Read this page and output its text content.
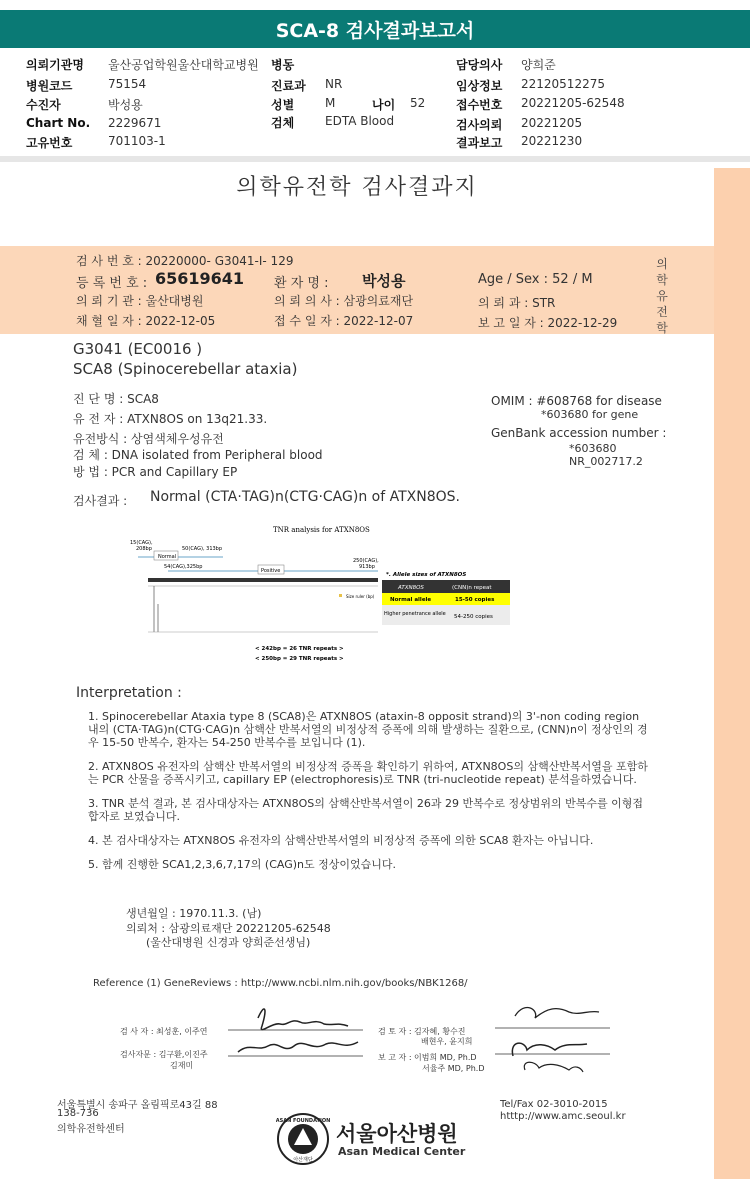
SCA-8 검사결과보고서
의뢰기관명 울산공업학원울산대학교병원
병원코드	75154
수진자	박성용
Chart No. 2229671
고유번호	701103-1
병동
진료과 NR
성별	M	나이 52
검체	EDTA Blood
담당의사 양희준
임상정보 22120512275
접수번호 20221205-62548
검사의뢰 20221205
결과보고 20221230
의학유전학 검사결과지
검 사 번 호 : 20220000- G3041-I- 129
등 록 번 호 : 65619641 환 자 명 : 박성용	Age / Sex : 52 / M
의 뢰 기 관 : 울산대병원	의 뢰 의 사 : 삼광의료재단	의 뢰 과 : STR
채 혈 일 자 : 2022-12-05	접 수 일 자 : 2022-12-07	보 고 일 자 : 2022-12-29
의
학
유
전
학
G3041 (EC0016 )
SCA8 (Spinocerebellar ataxia)
진 단 명 : SCA8
유 전 자 : ATXN8OS on 13q21.33.
유전방식 : 상염색체우성유전
검 체 : DNA isolated from Peripheral blood
방 법 : PCR and Capillary EP
OMIM : #608768 for disease
*603680 for gene
GenBank accession number :
*603680
NR_002717.2
검사결과 : Normal (CTA·TAG)n(CTG·CAG)n of ATXN8OS.
TNR analysis for ATXN8OS
15(CAG),
208bp	50(CAG), 313bp
Normal
54(CAG),325bp
Positive
250(CAG),
913bp
Size ruler (bp)
< 242bp = 26 TNR repeats >
< 250bp = 29 TNR repeats >
*. Allele sizes of ATXN8OS
ATXN8OS	(CNN)n repeat
Normal allele	15-50 copies
Higher penetrance allele 54-250 copies
Interpretation :

1. Spinocerebellar Ataxia type 8 (SCA8)은 ATXN8OS (ataxin-8 opposit strand)의 3'-non coding region 내의 (CTA·TAG)n(CTG·CAG)n 삼핵산 반복서열의 비정상적 증폭에 의해 발생하는 질환으로, (CNN)n이 정상인의 경우 15-50 반복수, 환자는 54-250 반복수를 보입니다 (1).

2. ATXN8OS 유전자의 삼핵산 반복서열의 비정상적 증폭을 확인하기 위하여, ATXN8OS의 삼핵산반복서열을 포함하는 PCR 산물을 증폭시키고, capillary EP (electrophoresis)로 TNR (tri-nucleotide repeat) 분석을하였습니다.

3. TNR 분석 결과, 본 검사대상자는 ATXN8OS의 삼핵산반복서열이 26과 29 반복수로 정상범위의 반복수를 이형접합자로 보였습니다.

4. 본 검사대상자는 ATXN8OS 유전자의 삼핵산반복서열의 비정상적 증폭에 의한 SCA8 환자는 아닙니다.

5. 함께 진행한 SCA1,2,3,6,7,17의 (CAG)n도 정상이었습니다.

생년월일 : 1970.11.3. (남)
의뢰처 : 삼광의료재단 20221205-62548
(울산대병원 신경과 양희준선생님)
Reference (1) GeneReviews : http://www.ncbi.nlm.nih.gov/books/NBK1268/
검 사 자 : 최성훈, 이주연
검사자문 : 김구환,이진주
김재미
검 토 자 : 김자혜, 황수진
배현우, 윤지희
보 고 자 : 이범희 MD, Ph.D
서율주 MD, Ph.D
서울특별시 송파구 올림픽로43길 88
138-736
의학유전학센터
Tel/Fax 02-3010-2015
htttp://www.amc.seoul.kr
ASAN FOUNDATION
아산재단
서울아산병원
Asan Medical Center
